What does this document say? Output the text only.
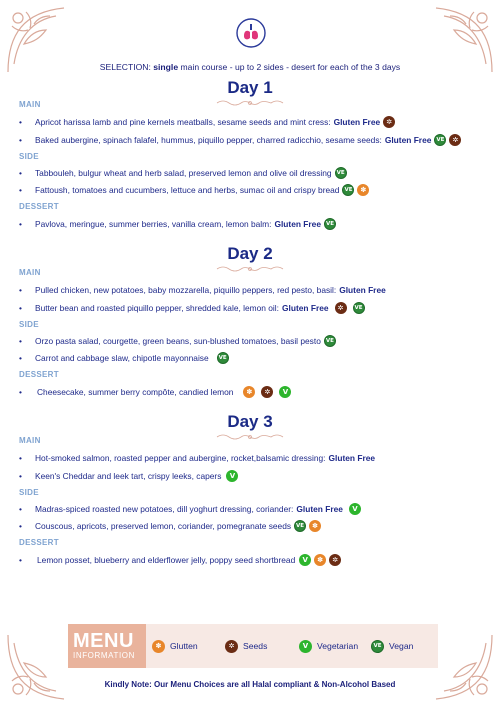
SELECTION: single main course - up to 2 sides - desert for each of the 3 days
Day 1
MAIN
•	Apricot harissa lamb and pine kernels meatballs, sesame seeds and mint cress: Gluten Free ✲
•	Baked aubergine, spinach falafel, hummus, piquillo pepper, charred radicchio, sesame seeds: Gluten Free VE	✲
SIDE
•	Tabbouleh, bulgur wheat and herb salad, preserved lemon and olive oil dressing VE
•	Fattoush, tomatoes and cucumbers, lettuce and herbs, sumac oil and crispy bread VE	✽
DESSERT
•	Pavlova, meringue, summer berries, vanilla cream, lemon balm: Gluten Free VE
Day 2
MAIN
•	Pulled chicken, new potatoes, baby mozzarella, piquillo peppers, red pesto, basil: Gluten Free
•	Butter bean and roasted piquillo pepper, shredded kale, lemon oil: Gluten Free	✲	VE
SIDE
•	Orzo pasta salad, courgette, green beans, sun-blushed tomatoes, basil pesto VE
•	Carrot and cabbage slaw, chipotle mayonnaise	VE
DESSERT
•	Cheesecake, summer berry compôte, candied lemon	✽	✲	V
Day 3
MAIN
•	Hot-smoked salmon, roasted pepper and aubergine, rocket,balsamic dressing: Gluten Free
•	Keen's Cheddar and leek tart, crispy leeks, capers	V
SIDE
•	Madras-spiced roasted new potatoes, dill yoghurt dressing, coriander: Gluten Free	V
•	Couscous, apricots, preserved lemon, coriander, pomegranate seeds VE	✽
DESSERT
•	Lemon posset, blueberry and elderflower jelly, poppy seed shortbread	V	✽	✲
MENU
INFORMATION
✽ Glutten	✲ Seeds	V	Vegetarian	VE Vegan
Kindly Note: Our Menu Choices are all Halal compliant & Non-Alcohol Based
